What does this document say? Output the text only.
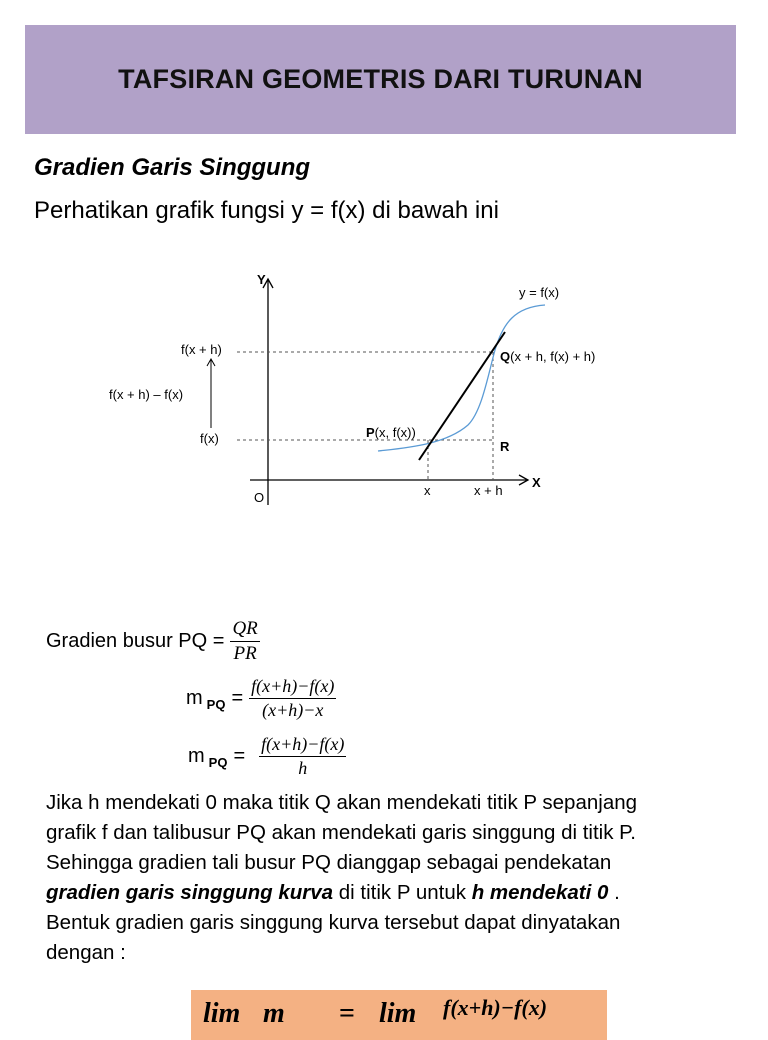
TAFSIRAN GEOMETRIS DARI TURUNAN
Gradien Garis Singgung
Perhatikan grafik fungsi y = f(x) di bawah ini
Y
X
O
y = f(x)
f(x + h)
f(x + h) – f(x)
f(x)	P(x, f(x))
Q(x + h, f(x) + h)
R
x	x + h
Gradien busur PQ = $\frac{QR}{PR}$
m PQ = $\frac{f(x+h)-f(x)}{(x+h)-x}$
m PQ = $\frac{f(x+h)-f(x)}{h}$
Jika h mendekati 0 maka titik Q akan mendekati titik P sepanjang
grafik f dan talibusur PQ akan mendekati garis singgung di titik P.
Sehingga gradien tali busur PQ dianggap sebagai pendekatan
gradien garis singgung kurva di titik P untuk h mendekati 0 .
Bentuk gradien garis singgung kurva tersebut dapat dinyatakan
dengan :
lim m = lim f(x+h)−f(x)
